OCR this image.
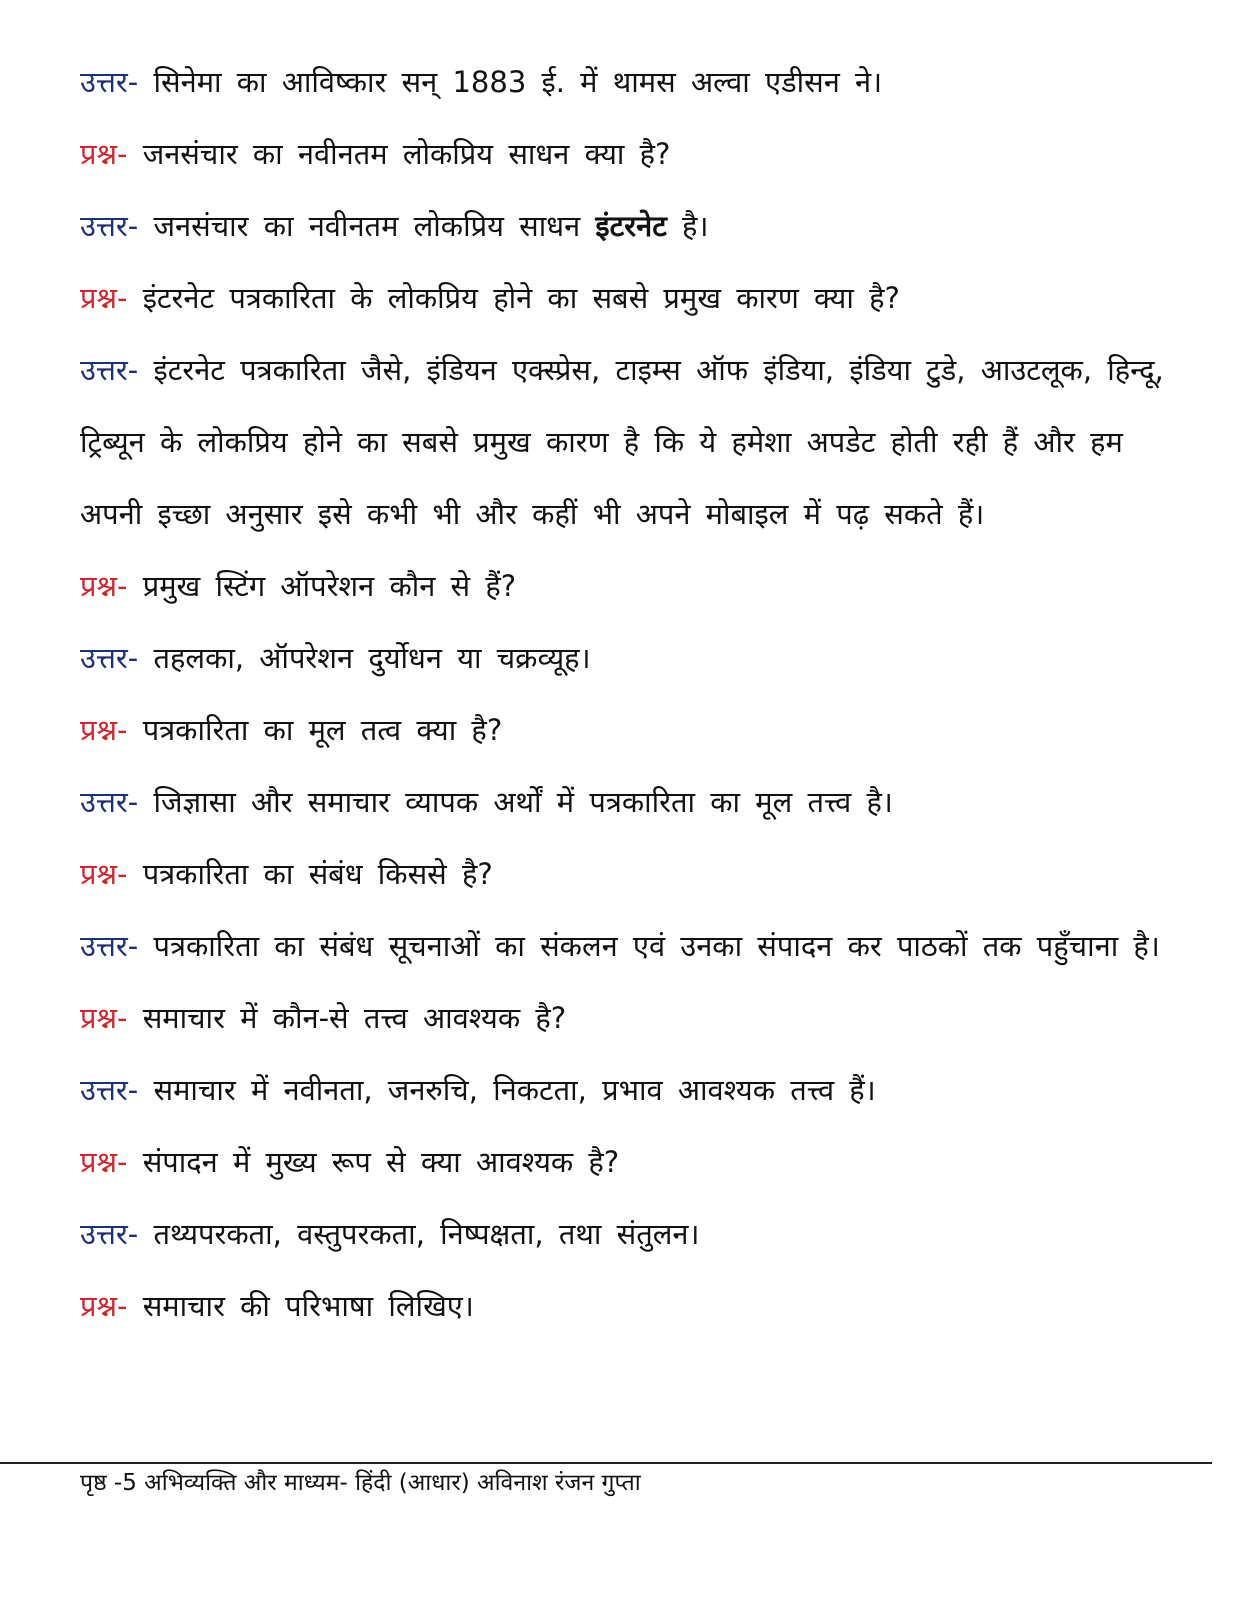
उत्तर- सिनेमा का आविष्कार सन् 1883 ई. में थामस अल्वा एडीसन ने।

प्रश्न- जनसंचार का नवीनतम लोकप्रिय साधन क्या है?

उत्तर- जनसंचार का नवीनतम लोकप्रिय साधन इंटरनेट है।

प्रश्न- इंटरनेट पत्रकारिता के लोकप्रिय होने का सबसे प्रमुख कारण क्या है?

उत्तर- इंटरनेट पत्रकारिता जैसे, इंडियन एक्स्प्रेस, टाइम्स ऑफ इंडिया, इंडिया टुडे, आउटलूक, हिन्दू, ट्रिब्यून के लोकप्रिय होने का सबसे प्रमुख कारण है कि ये हमेशा अपडेट होती रही हैं और हम अपनी इच्छा अनुसार इसे कभी भी और कहीं भी अपने मोबाइल में पढ़ सकते हैं।

प्रश्न- प्रमुख स्टिंग ऑपरेशन कौन से हैं?

उत्तर- तहलका, ऑपरेशन दुर्योधन या चक्रव्यूह।

प्रश्न- पत्रकारिता का मूल तत्व क्या है?

उत्तर- जिज्ञासा और समाचार व्यापक अर्थों में पत्रकारिता का मूल तत्त्व है।

प्रश्न- पत्रकारिता का संबंध किससे है?

उत्तर- पत्रकारिता का संबंध सूचनाओं का संकलन एवं उनका संपादन कर पाठकों तक पहुँचाना है।

प्रश्न- समाचार में कौन-से तत्त्व आवश्यक है?

उत्तर- समाचार में नवीनता, जनरुचि, निकटता, प्रभाव आवश्यक तत्त्व हैं।

प्रश्न- संपादन में मुख्य रूप से क्या आवश्यक है?

उत्तर- तथ्यपरकता, वस्तुपरकता, निष्पक्षता, तथा संतुलन।

प्रश्न- समाचार की परिभाषा लिखिए।

पृष्ठ -5 अभिव्यक्ति और माध्यम- हिंदी (आधार) अविनाश रंजन गुप्ता
